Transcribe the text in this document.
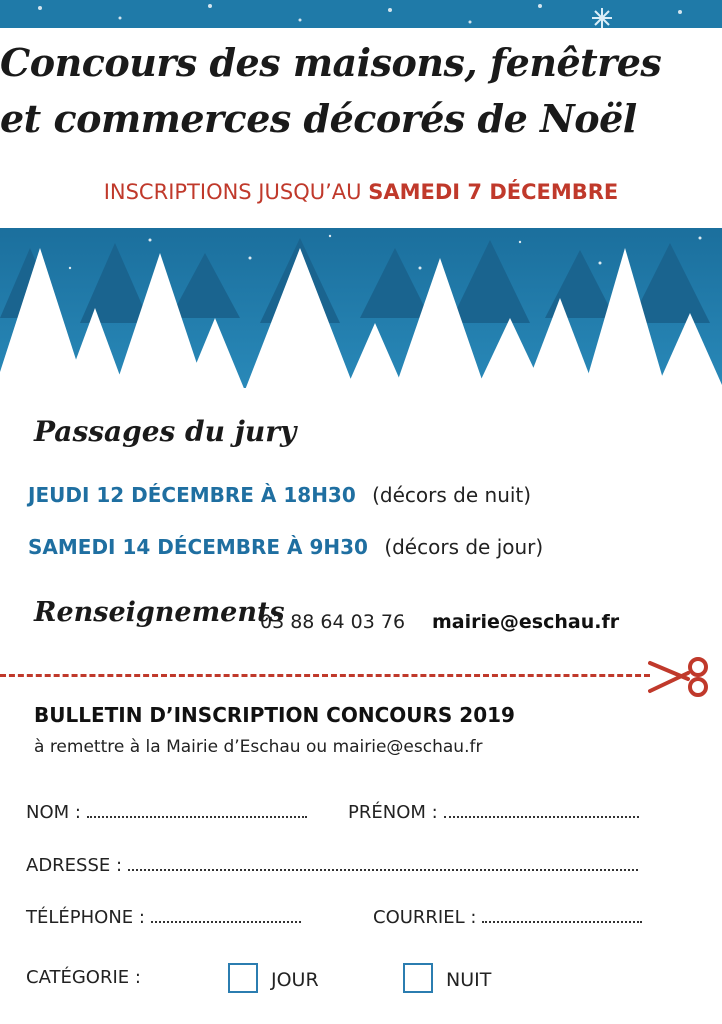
Concours des maisons, fenêtres
et commerces décorés de Noël
INSCRIPTIONS JUSQU’AU SAMEDI 7 DÉCEMBRE
Passages du jury
JEUDI 12 DÉCEMBRE À 18H30 (décors de nuit)
SAMEDI 14 DÉCEMBRE À 9H30 (décors de jour)
Renseignements
03 88 64 03 76 mairie@eschau.fr
BULLETIN D’INSCRIPTION CONCOURS 2019
à remettre à la Mairie d’Eschau ou mairie@eschau.fr
NOM :	PRÉNOM :
ADRESSE :
TÉLÉPHONE :	COURRIEL :
CATÉGORIE :	JOUR	NUIT
